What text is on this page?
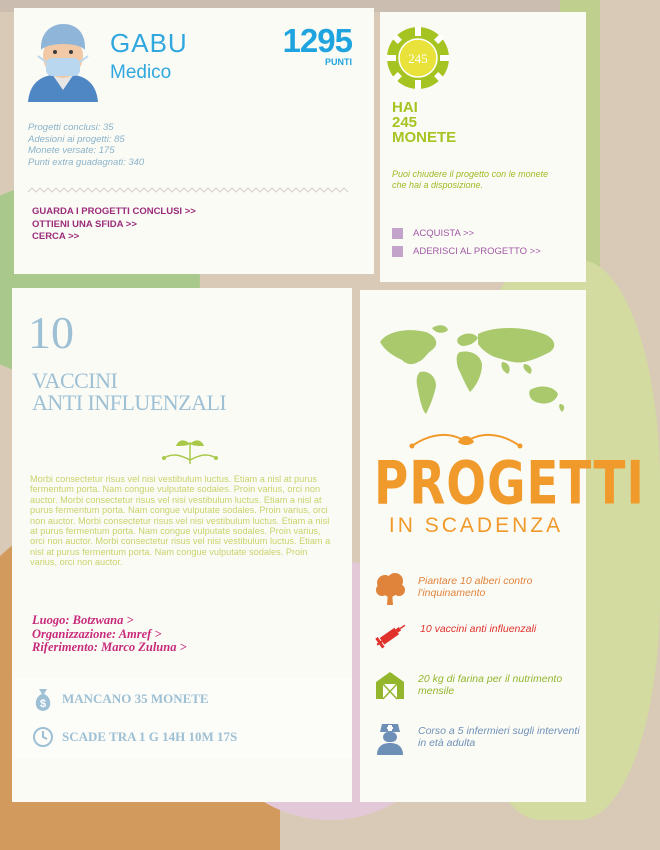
GABU
Medico
1295
PUNTI
Progetti conclusi: 35
Adesioni ai progetti: 85
Monete versate: 175
Punti extra guadagnati: 340
GUARDA I PROGETTI CONCLUSI >>
OTTIENI UNA SFIDA >>
CERCA >>
245
HAI
245
MONETE
Puoi chiudere il progetto con le monete che hai a disposizione.
ACQUISTA >>
ADERISCI AL PROGETTO >>
10
VACCINI
ANTI INFLUENZALI
Morbi consectetur risus vel nisi vestibulum luctus. Etiam a nisl at purus fermentum porta. Nam congue vulputate sodales. Proin varius, orci non auctor. Morbi consectetur risus vel nisi vestibulum luctus. Etiam a nisl at purus fermentum porta. Nam congue vulputate sodales. Proin varius, orci non auctor. Morbi consectetur risus vel nisi vestibulum luctus. Etiam a nisl at purus fermentum porta. Nam congue vulputate sodales. Proin varius, orci non auctor. Morbi consectetur risus vel nisi vestibulum luctus. Etiam a nisl at purus fermentum porta. Nam congue vulputate sodales. Proin varius, orci non auctor.
Luogo: Botzwana >
Organizzazione: Amref >
Riferimento: Marco Zuluna >
$ MANCANO 35 MONETE
SCADE TRA 1 G 14H 10M 17S
PROGETTI
IN SCADENZA
Piantare 10 alberi contro l'inquinamento
10 vaccini anti influenzali
20 kg di farina per il nutrimento mensile
Corso a 5 infermieri sugli interventi in età adulta
